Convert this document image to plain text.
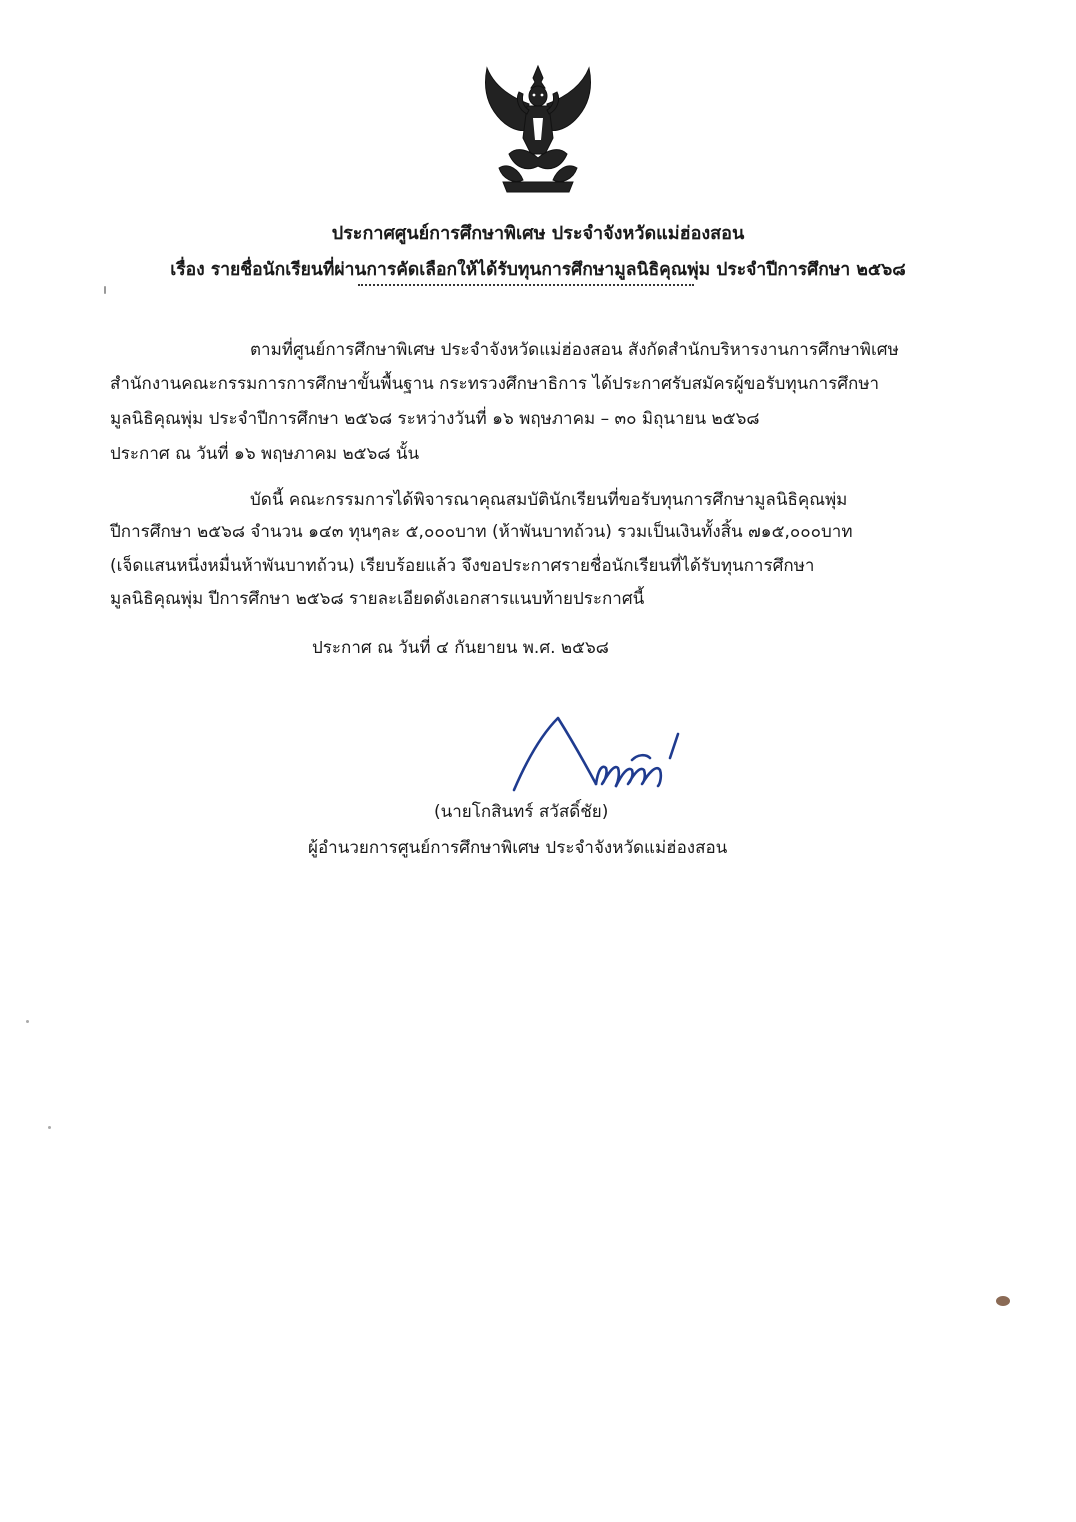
ประกาศศูนย์การศึกษาพิเศษ ประจำจังหวัดแม่ฮ่องสอน
เรื่อง รายชื่อนักเรียนที่ผ่านการคัดเลือกให้ได้รับทุนการศึกษามูลนิธิคุณพุ่ม ประจำปีการศึกษา ๒๕๖๘
ตามที่ศูนย์การศึกษาพิเศษ ประจำจังหวัดแม่ฮ่องสอน สังกัดสำนักบริหารงานการศึกษาพิเศษ
สำนักงานคณะกรรมการการศึกษาขั้นพื้นฐาน กระทรวงศึกษาธิการ ได้ประกาศรับสมัครผู้ขอรับทุนการศึกษา
มูลนิธิคุณพุ่ม ประจำปีการศึกษา ๒๕๖๘ ระหว่างวันที่ ๑๖ พฤษภาคม – ๓๐ มิถุนายน ๒๕๖๘
ประกาศ ณ วันที่ ๑๖ พฤษภาคม ๒๕๖๘ นั้น
บัดนี้ คณะกรรมการได้พิจารณาคุณสมบัตินักเรียนที่ขอรับทุนการศึกษามูลนิธิคุณพุ่ม
ปีการศึกษา ๒๕๖๘ จำนวน ๑๔๓ ทุนๆละ ๕,๐๐๐บาท (ห้าพันบาทถ้วน) รวมเป็นเงินทั้งสิ้น ๗๑๕,๐๐๐บาท
(เจ็ดแสนหนึ่งหมื่นห้าพันบาทถ้วน) เรียบร้อยแล้ว จึงขอประกาศรายชื่อนักเรียนที่ได้รับทุนการศึกษา
มูลนิธิคุณพุ่ม ปีการศึกษา ๒๕๖๘ รายละเอียดดังเอกสารแนบท้ายประกาศนี้
ประกาศ ณ วันที่ ๔ กันยายน พ.ศ. ๒๕๖๘
(นายโกสินทร์ สวัสดิ์ชัย)
ผู้อำนวยการศูนย์การศึกษาพิเศษ ประจำจังหวัดแม่ฮ่องสอน
